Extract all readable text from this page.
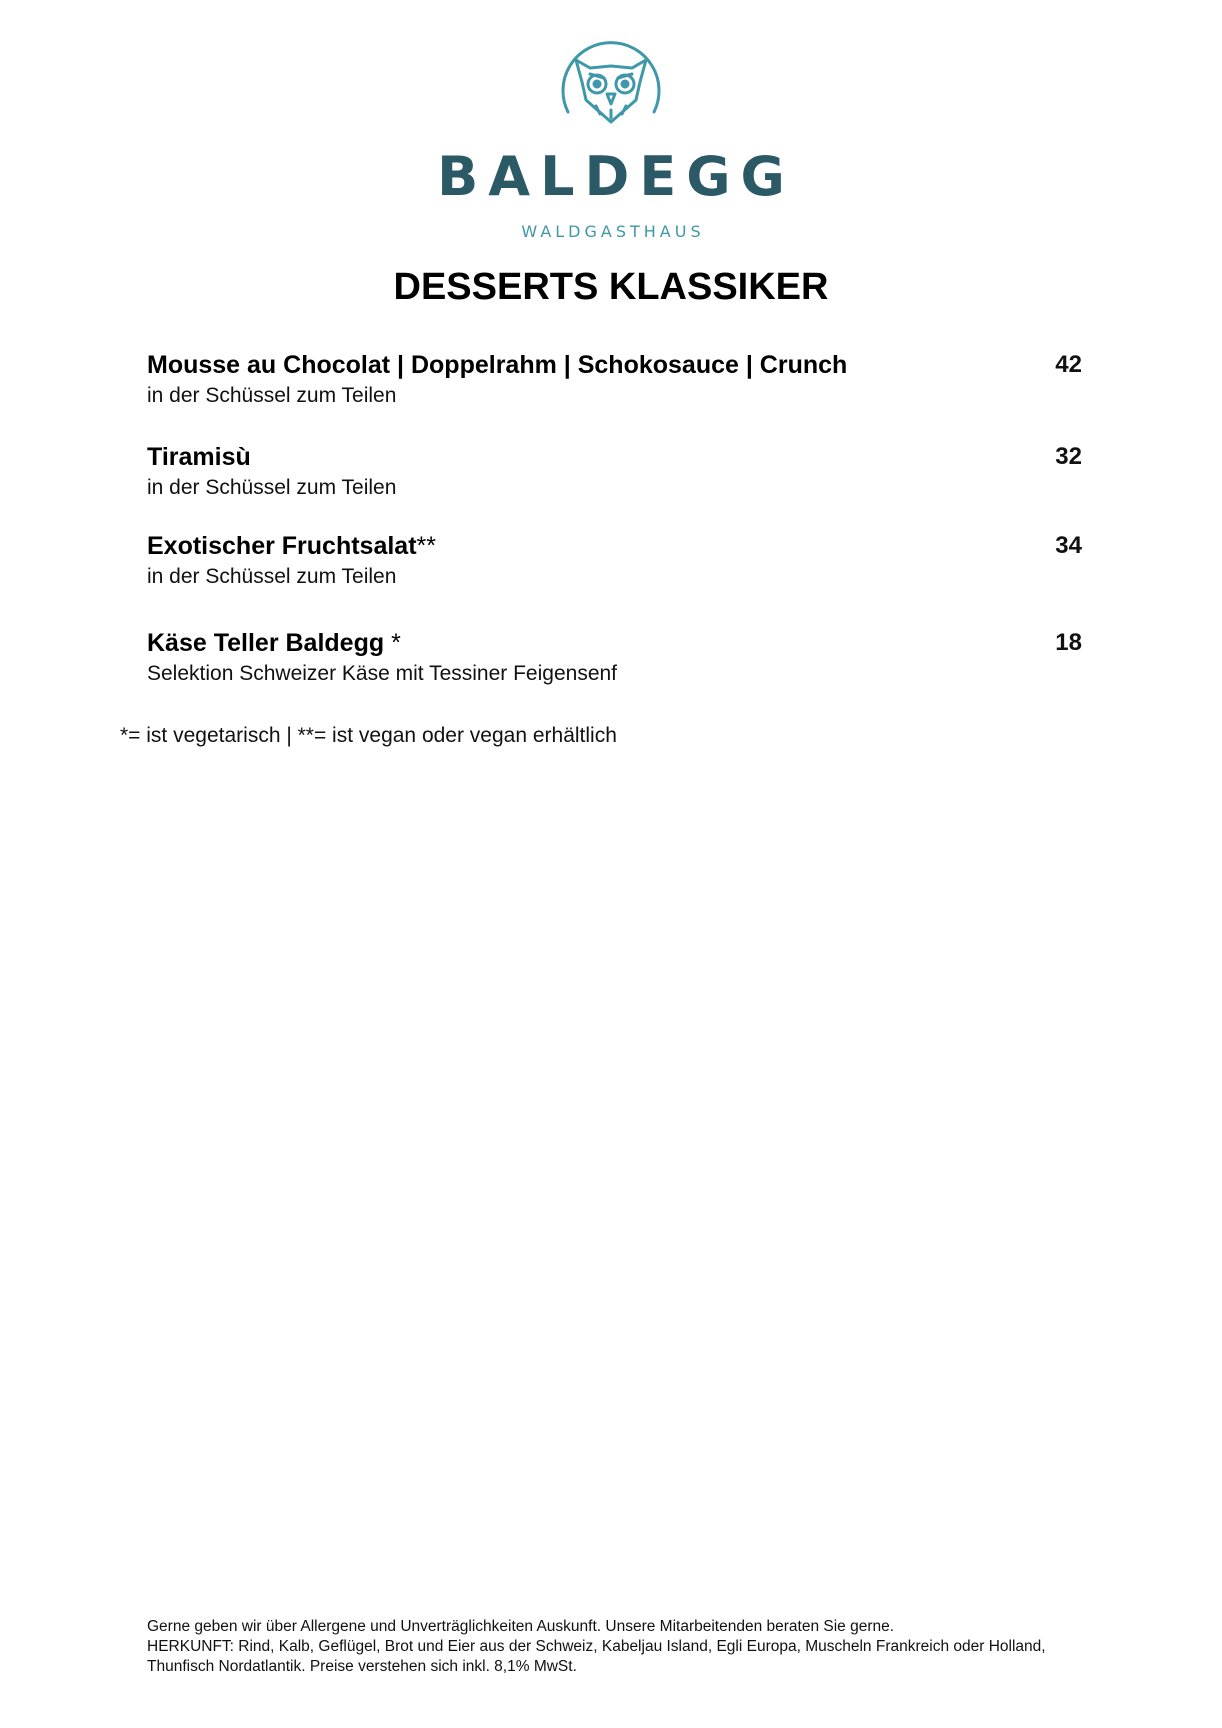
BALDEGG
WALDGASTHAUS
DESSERTS KLASSIKER
Mousse au Chocolat | Doppelrahm | Schokosauce | Crunch	42
in der Schüssel zum Teilen
Tiramisù	32
in der Schüssel zum Teilen
Exotischer Fruchtsalat**	34
in der Schüssel zum Teilen
Käse Teller Baldegg *	18
Selektion Schweizer Käse mit Tessiner Feigensenf
*= ist vegetarisch | **= ist vegan oder vegan erhältlich
Gerne geben wir über Allergene und Unverträglichkeiten Auskunft. Unsere Mitarbeitenden beraten Sie gerne.
HERKUNFT: Rind, Kalb, Geflügel, Brot und Eier aus der Schweiz, Kabeljau Island, Egli Europa, Muscheln Frankreich oder Holland,
Thunfisch Nordatlantik. Preise verstehen sich inkl. 8,1% MwSt.
